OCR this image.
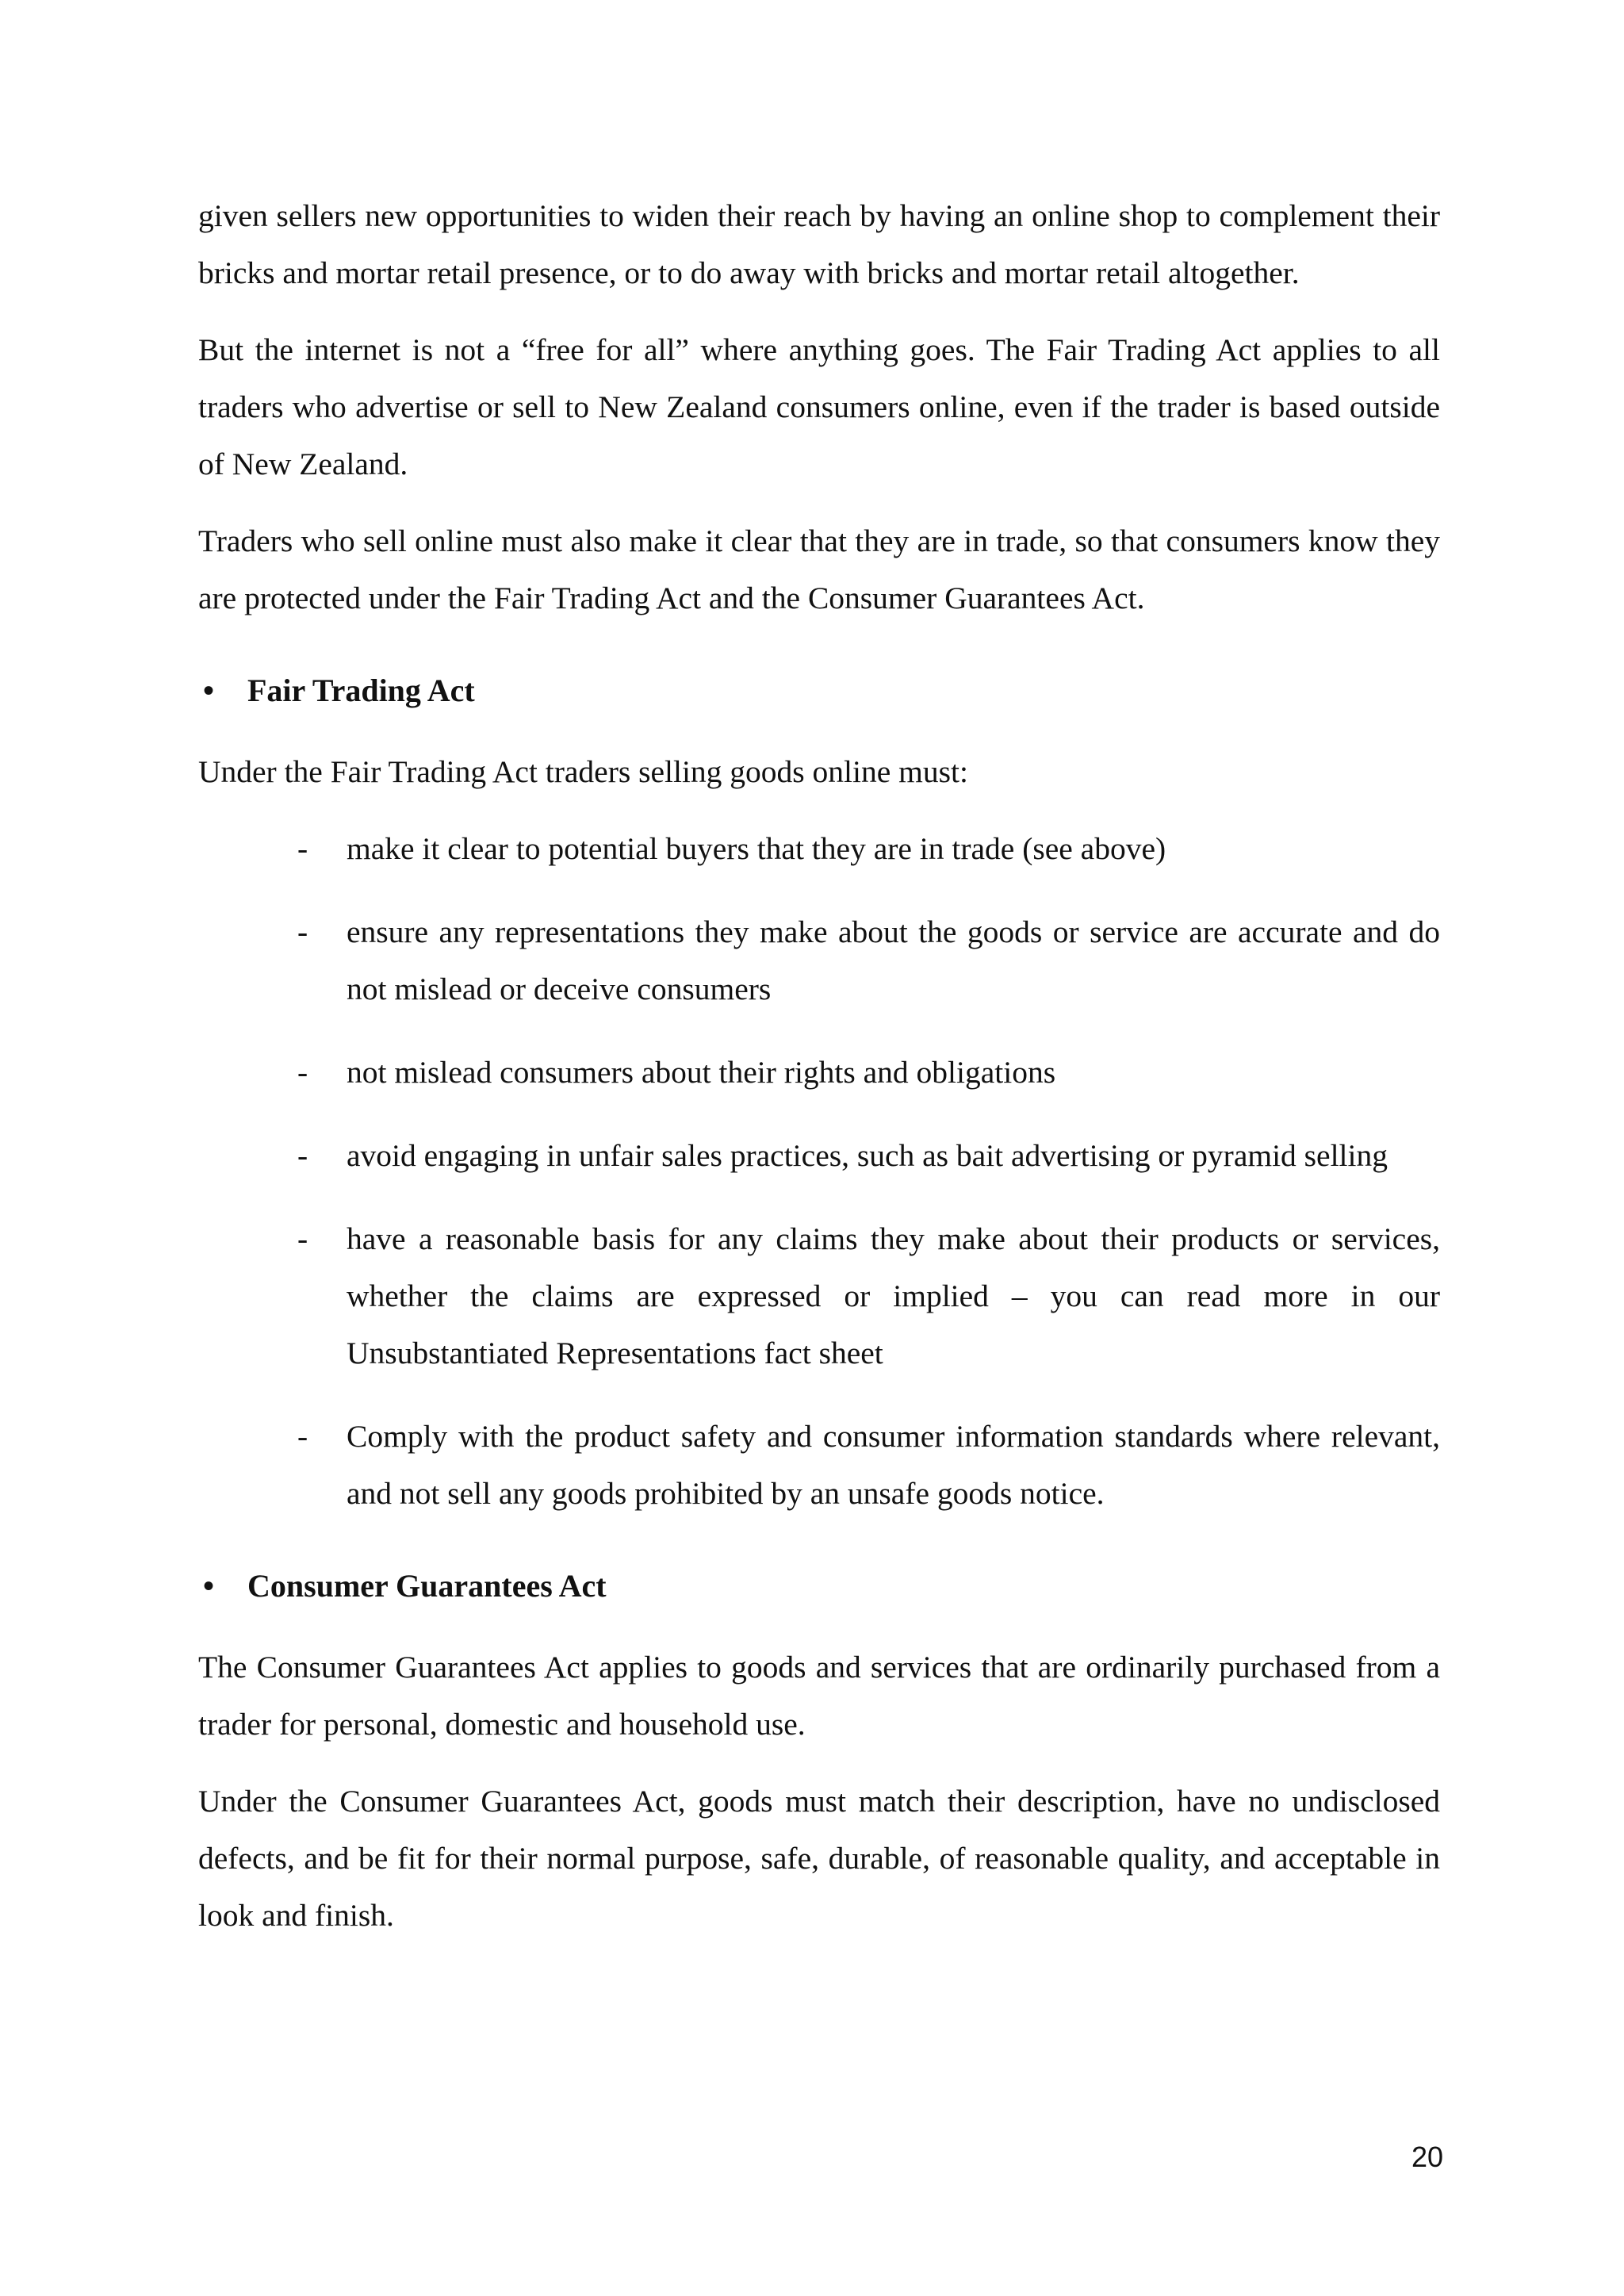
given sellers new opportunities to widen their reach by having an online shop to complement their bricks and mortar retail presence, or to do away with bricks and mortar retail altogether.

But the internet is not a “free for all” where anything goes. The Fair Trading Act applies to all traders who advertise or sell to New Zealand consumers online, even if the trader is based outside of New Zealand.

Traders who sell online must also make it clear that they are in trade, so that consumers know they are protected under the Fair Trading Act and the Consumer Guarantees Act.

• Fair Trading Act

Under the Fair Trading Act traders selling goods online must:

- make it clear to potential buyers that they are in trade (see above)
- ensure any representations they make about the goods or service are accurate and do not mislead or deceive consumers
- not mislead consumers about their rights and obligations
- avoid engaging in unfair sales practices, such as bait advertising or pyramid selling
- have a reasonable basis for any claims they make about their products or services, whether the claims are expressed or implied – you can read more in our Unsubstantiated Representations fact sheet
- Comply with the product safety and consumer information standards where relevant, and not sell any goods prohibited by an unsafe goods notice.
• Consumer Guarantees Act

The Consumer Guarantees Act applies to goods and services that are ordinarily purchased from a trader for personal, domestic and household use.

Under the Consumer Guarantees Act, goods must match their description, have no undisclosed defects, and be fit for their normal purpose, safe, durable, of reasonable quality, and acceptable in look and finish.

20
